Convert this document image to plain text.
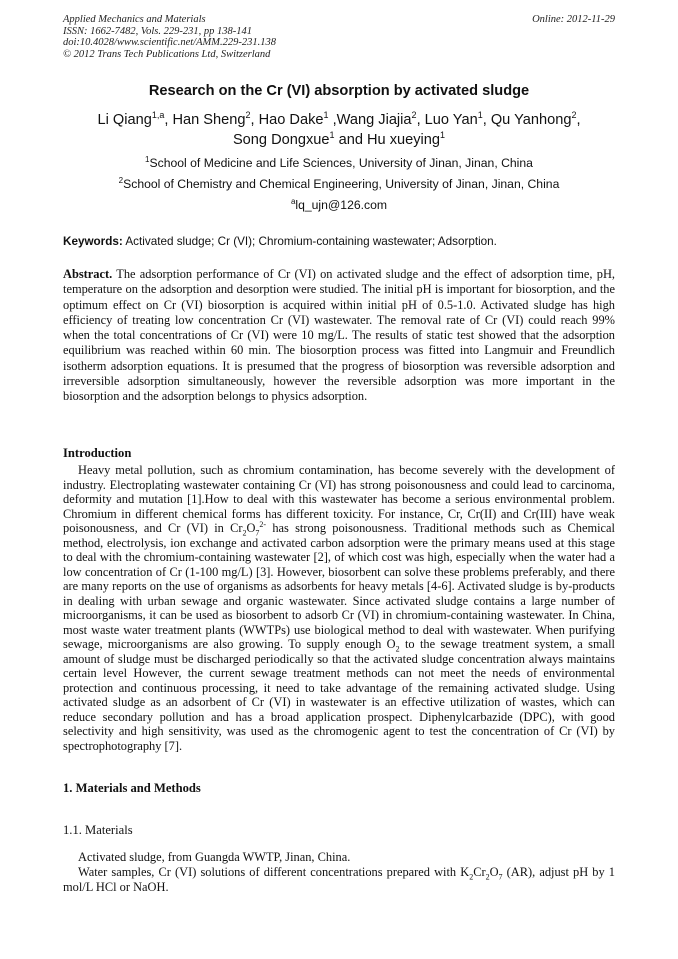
Applied Mechanics and Materials
ISSN: 1662-7482, Vols. 229-231, pp 138-141
doi:10.4028/www.scientific.net/AMM.229-231.138
© 2012 Trans Tech Publications Ltd, Switzerland
Online: 2012-11-29
Research on the Cr (VI) absorption by activated sludge
Li Qiang$^{1,a}$, Han Sheng$^2$, Hao Dake$^1$ ,Wang Jiajia$^2$, Luo Yan$^1$, Qu Yanhong$^2$,
Song Dongxue$^1$ and Hu xueying$^1$
$^1$School of Medicine and Life Sciences, University of Jinan, Jinan, China
$^2$School of Chemistry and Chemical Engineering, University of Jinan, Jinan, China
$^a$lq_ujn@126.com
Keywords: Activated sludge; Cr (VI); Chromium-containing wastewater; Adsorption.
Abstract. The adsorption performance of Cr (VI) on activated sludge and the effect of adsorption time, pH, temperature on the adsorption and desorption were studied. The initial pH is important for biosorption, and the optimum effect on Cr (VI) biosorption is acquired within initial pH of 0.5-1.0. Activated sludge has high efficiency of treating low concentration Cr (VI) wastewater. The removal rate of Cr (VI) could reach 99% when the total concentrations of Cr (VI) were 10 mg/L. The results of static test showed that the adsorption equilibrium was reached within 60 min. The biosorption process was fitted into Langmuir and Freundlich isotherm adsorption equations. It is presumed that the progress of biosorption was reversible adsorption and irreversible adsorption simultaneously, however the reversible adsorption was more important in the biosorption and the adsorption belongs to physics adsorption.
Introduction
Heavy metal pollution, such as chromium contamination, has become severely with the development of industry. Electroplating wastewater containing Cr (VI) has strong poisonousness and could lead to carcinoma, deformity and mutation [1].How to deal with this wastewater has become a serious environmental problem. Chromium in different chemical forms has different toxicity. For instance, Cr, Cr(II) and Cr(III) have weak poisonousness, and Cr (VI) in $Cr_2O_7^{2-}$ has strong poisonousness. Traditional methods such as Chemical method, electrolysis, ion exchange and activated carbon adsorption were the primary means used at this stage to deal with the chromium-containing wastewater [2], of which cost was high, especially when the water had a low concentration of Cr (1-100 mg/L) [3]. However, biosorbent can solve these problems preferably, and there are many reports on the use of organisms as adsorbents for heavy metals [4-6]. Activated sludge is by-products in dealing with urban sewage and organic wastewater. Since activated sludge contains a large number of microorganisms, it can be used as biosorbent to adsorb Cr (VI) in chromium-containing wastewater. In China, most waste water treatment plants (WWTPs) use biological method to deal with wastewater. When purifying sewage, microorganisms are also growing. To supply enough $O_2$ to the sewage treatment system, a small amount of sludge must be discharged periodically so that the activated sludge concentration always maintains certain level However, the current sewage treatment methods can not meet the needs of environmental protection and continuous processing, it need to take advantage of the remaining activated sludge. Using activated sludge as an adsorbent of Cr (VI) in wastewater is an effective utilization of wastes, which can reduce secondary pollution and has a broad application prospect. Diphenylcarbazide (DPC), with good selectivity and high sensitivity, was used as the chromogenic agent to test the concentration of Cr (VI) by spectrophotography [7].
1. Materials and Methods
1.1. Materials

Activated sludge, from Guangda WWTP, Jinan, China.

Water samples, Cr (VI) solutions of different concentrations prepared with $K_2Cr_2O_7$ (AR), adjust pH by 1 mol/L HCl or NaOH.
